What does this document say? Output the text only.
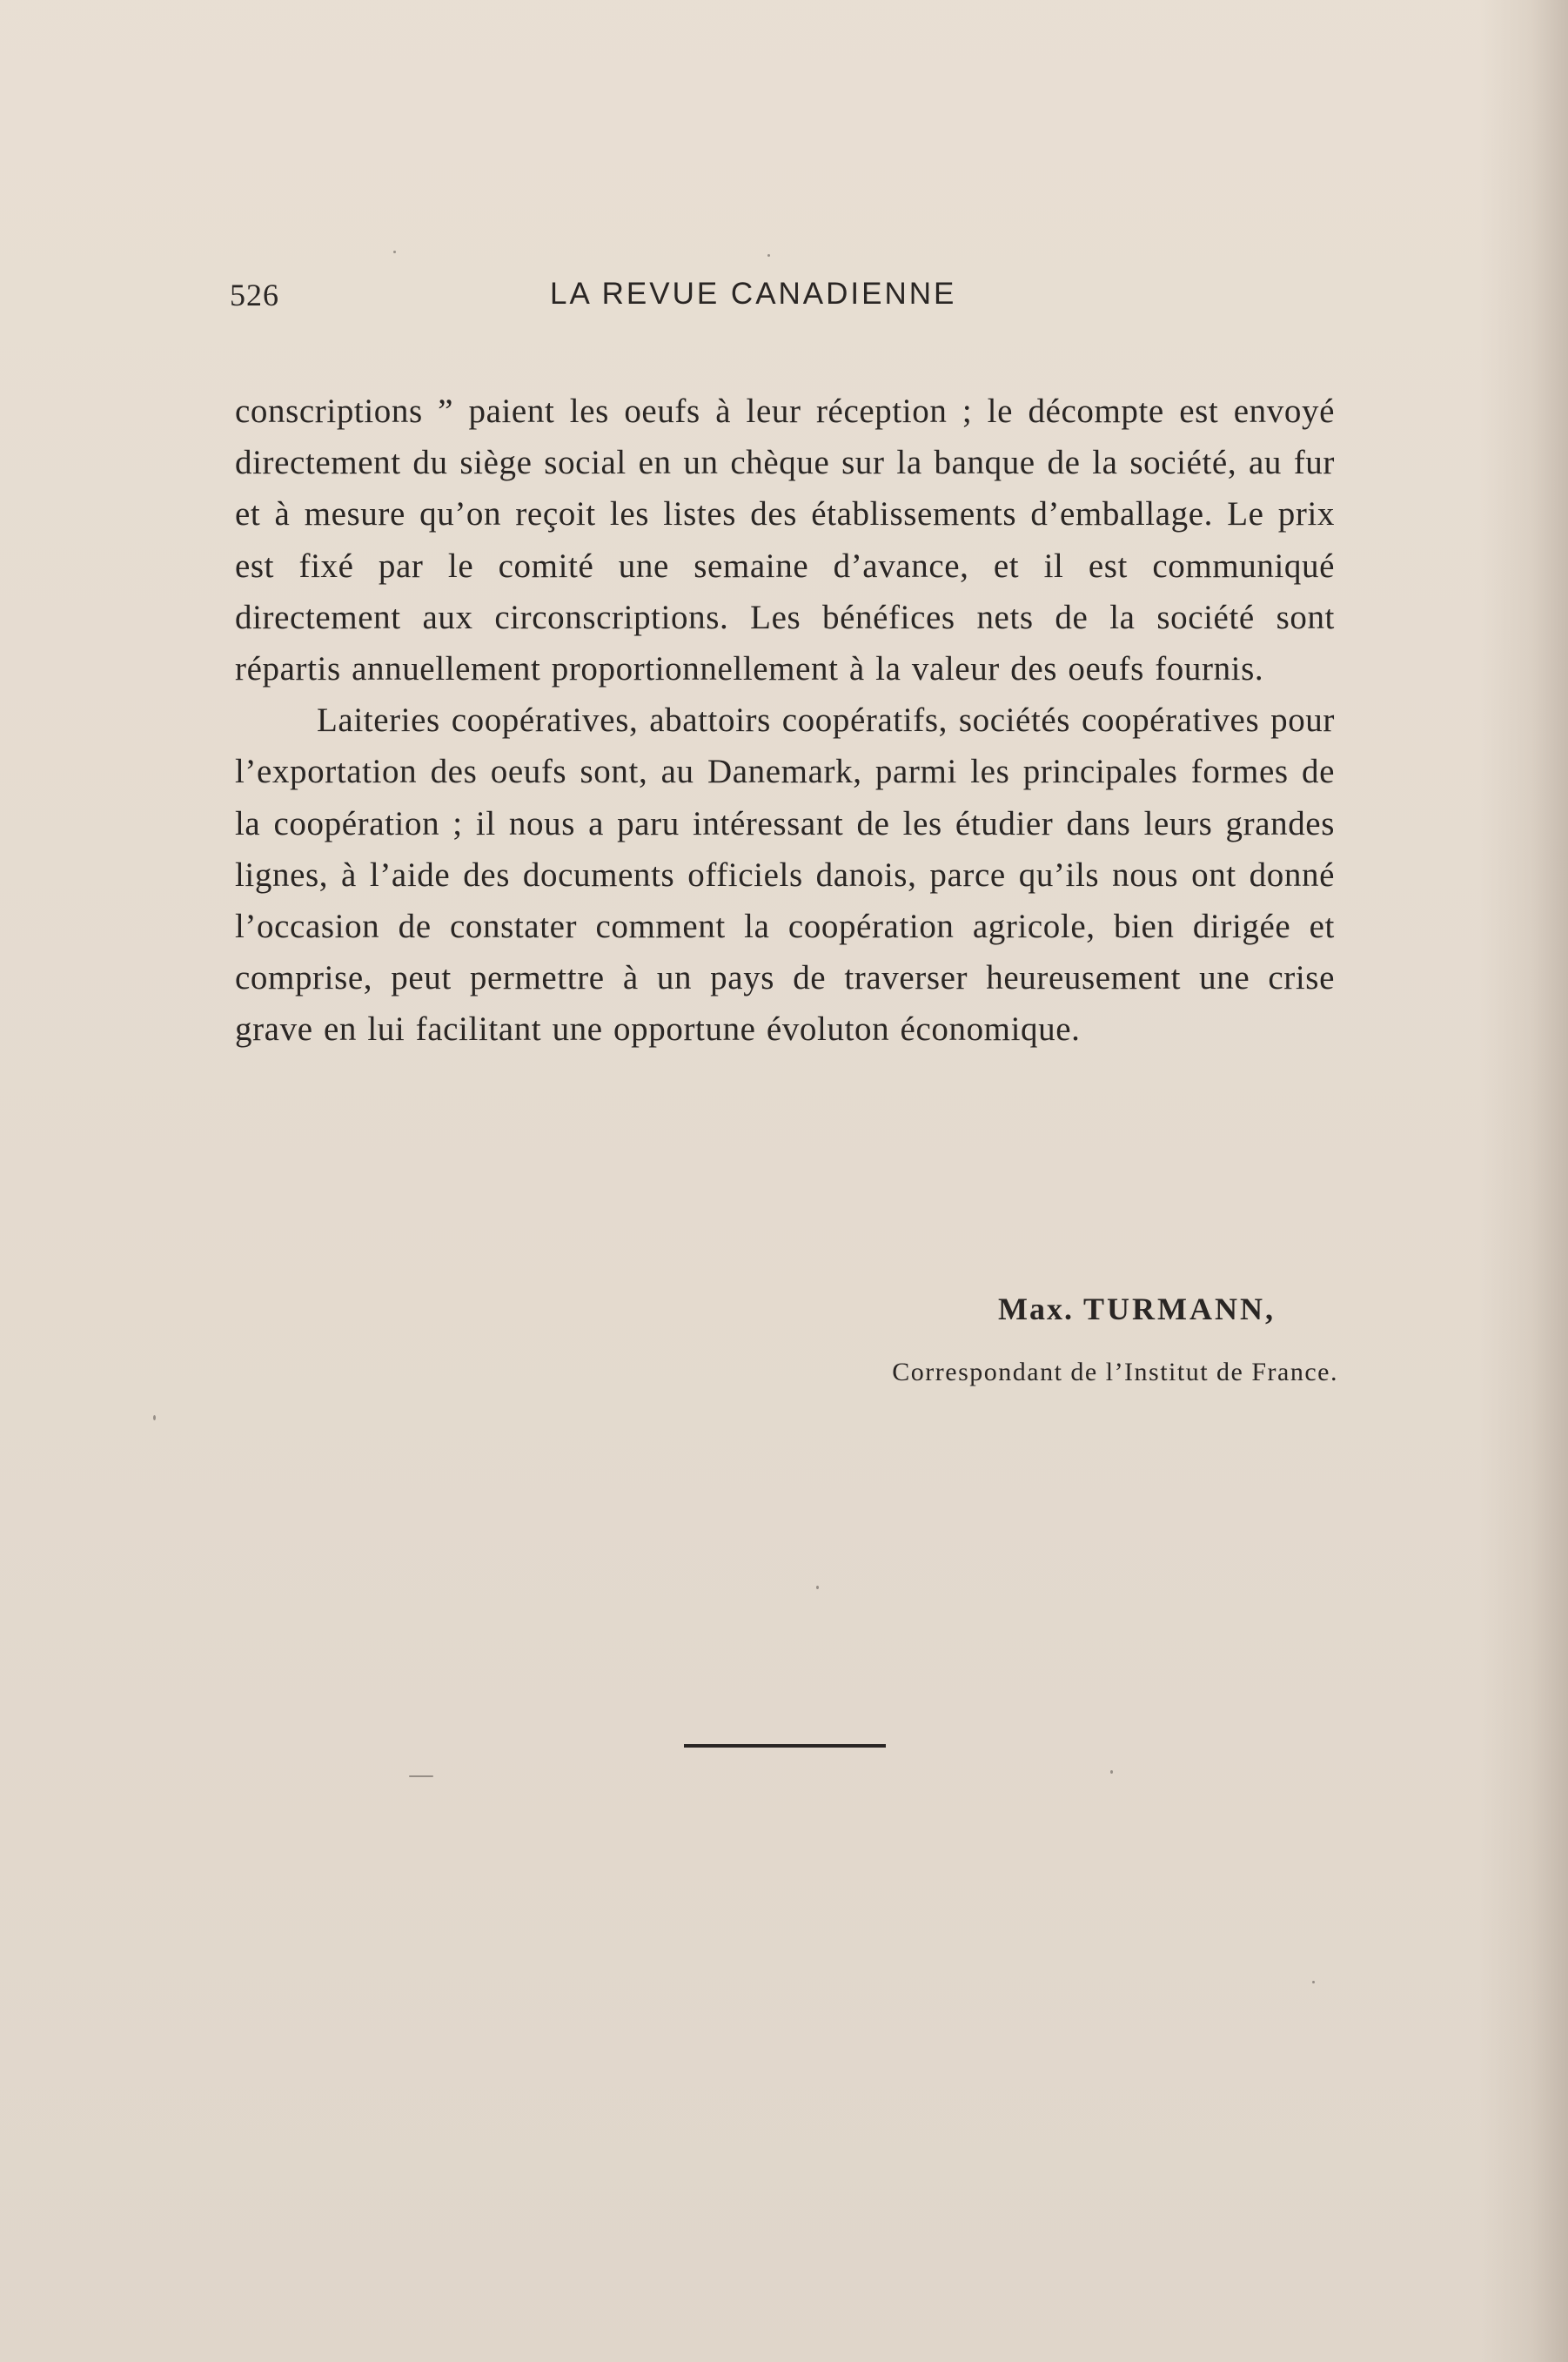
526	LA REVUE CANADIENNE

conscriptions ” paient les oeufs à leur réception ; le décompte est envoyé directement du siège social en un chèque sur la banque de la société, au fur et à mesure qu’on reçoit les listes des établissements d’emballage. Le prix est fixé par le comité une semaine d’avance, et il est communiqué directement aux circonscriptions. Les bénéfices nets de la société sont répartis annuellement proportionnellement à la valeur des oeufs fournis.

Laiteries coopératives, abattoirs coopératifs, sociétés coopératives pour l’exportation des oeufs sont, au Danemark, parmi les principales formes de la coopération ; il nous a paru intéressant de les étudier dans leurs grandes lignes, à l’aide des documents officiels danois, parce qu’ils nous ont donné l’occasion de constater comment la coopération agricole, bien dirigée et comprise, peut permettre à un pays de traverser heureusement une crise grave en lui facilitant une opportune évoluton économique.

Max. TURMANN,
Correspondant de l’Institut de France.
